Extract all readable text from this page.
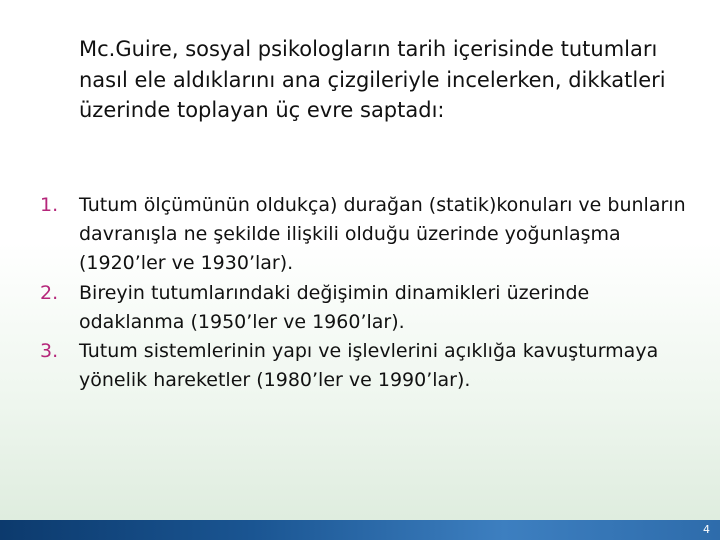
Mc.Guire, sosyal psikologların tarih içerisinde tutumları nasıl ele aldıklarını ana çizgileriyle incelerken, dikkatleri üzerinde toplayan üç evre saptadı:

1.	Tutum ölçümünün oldukça) durağan (statik)konuları ve bunların davranışla ne şekilde ilişkili olduğu üzerinde yoğunlaşma (1920’ler ve 1930’lar).
2.	Bireyin tutumlarındaki değişimin dinamikleri üzerinde odaklanma (1950’ler ve 1960’lar).
3.	Tutum sistemlerinin yapı ve işlevlerini açıklığa kavuşturmaya yönelik hareketler (1980’ler ve 1990’lar).
4
